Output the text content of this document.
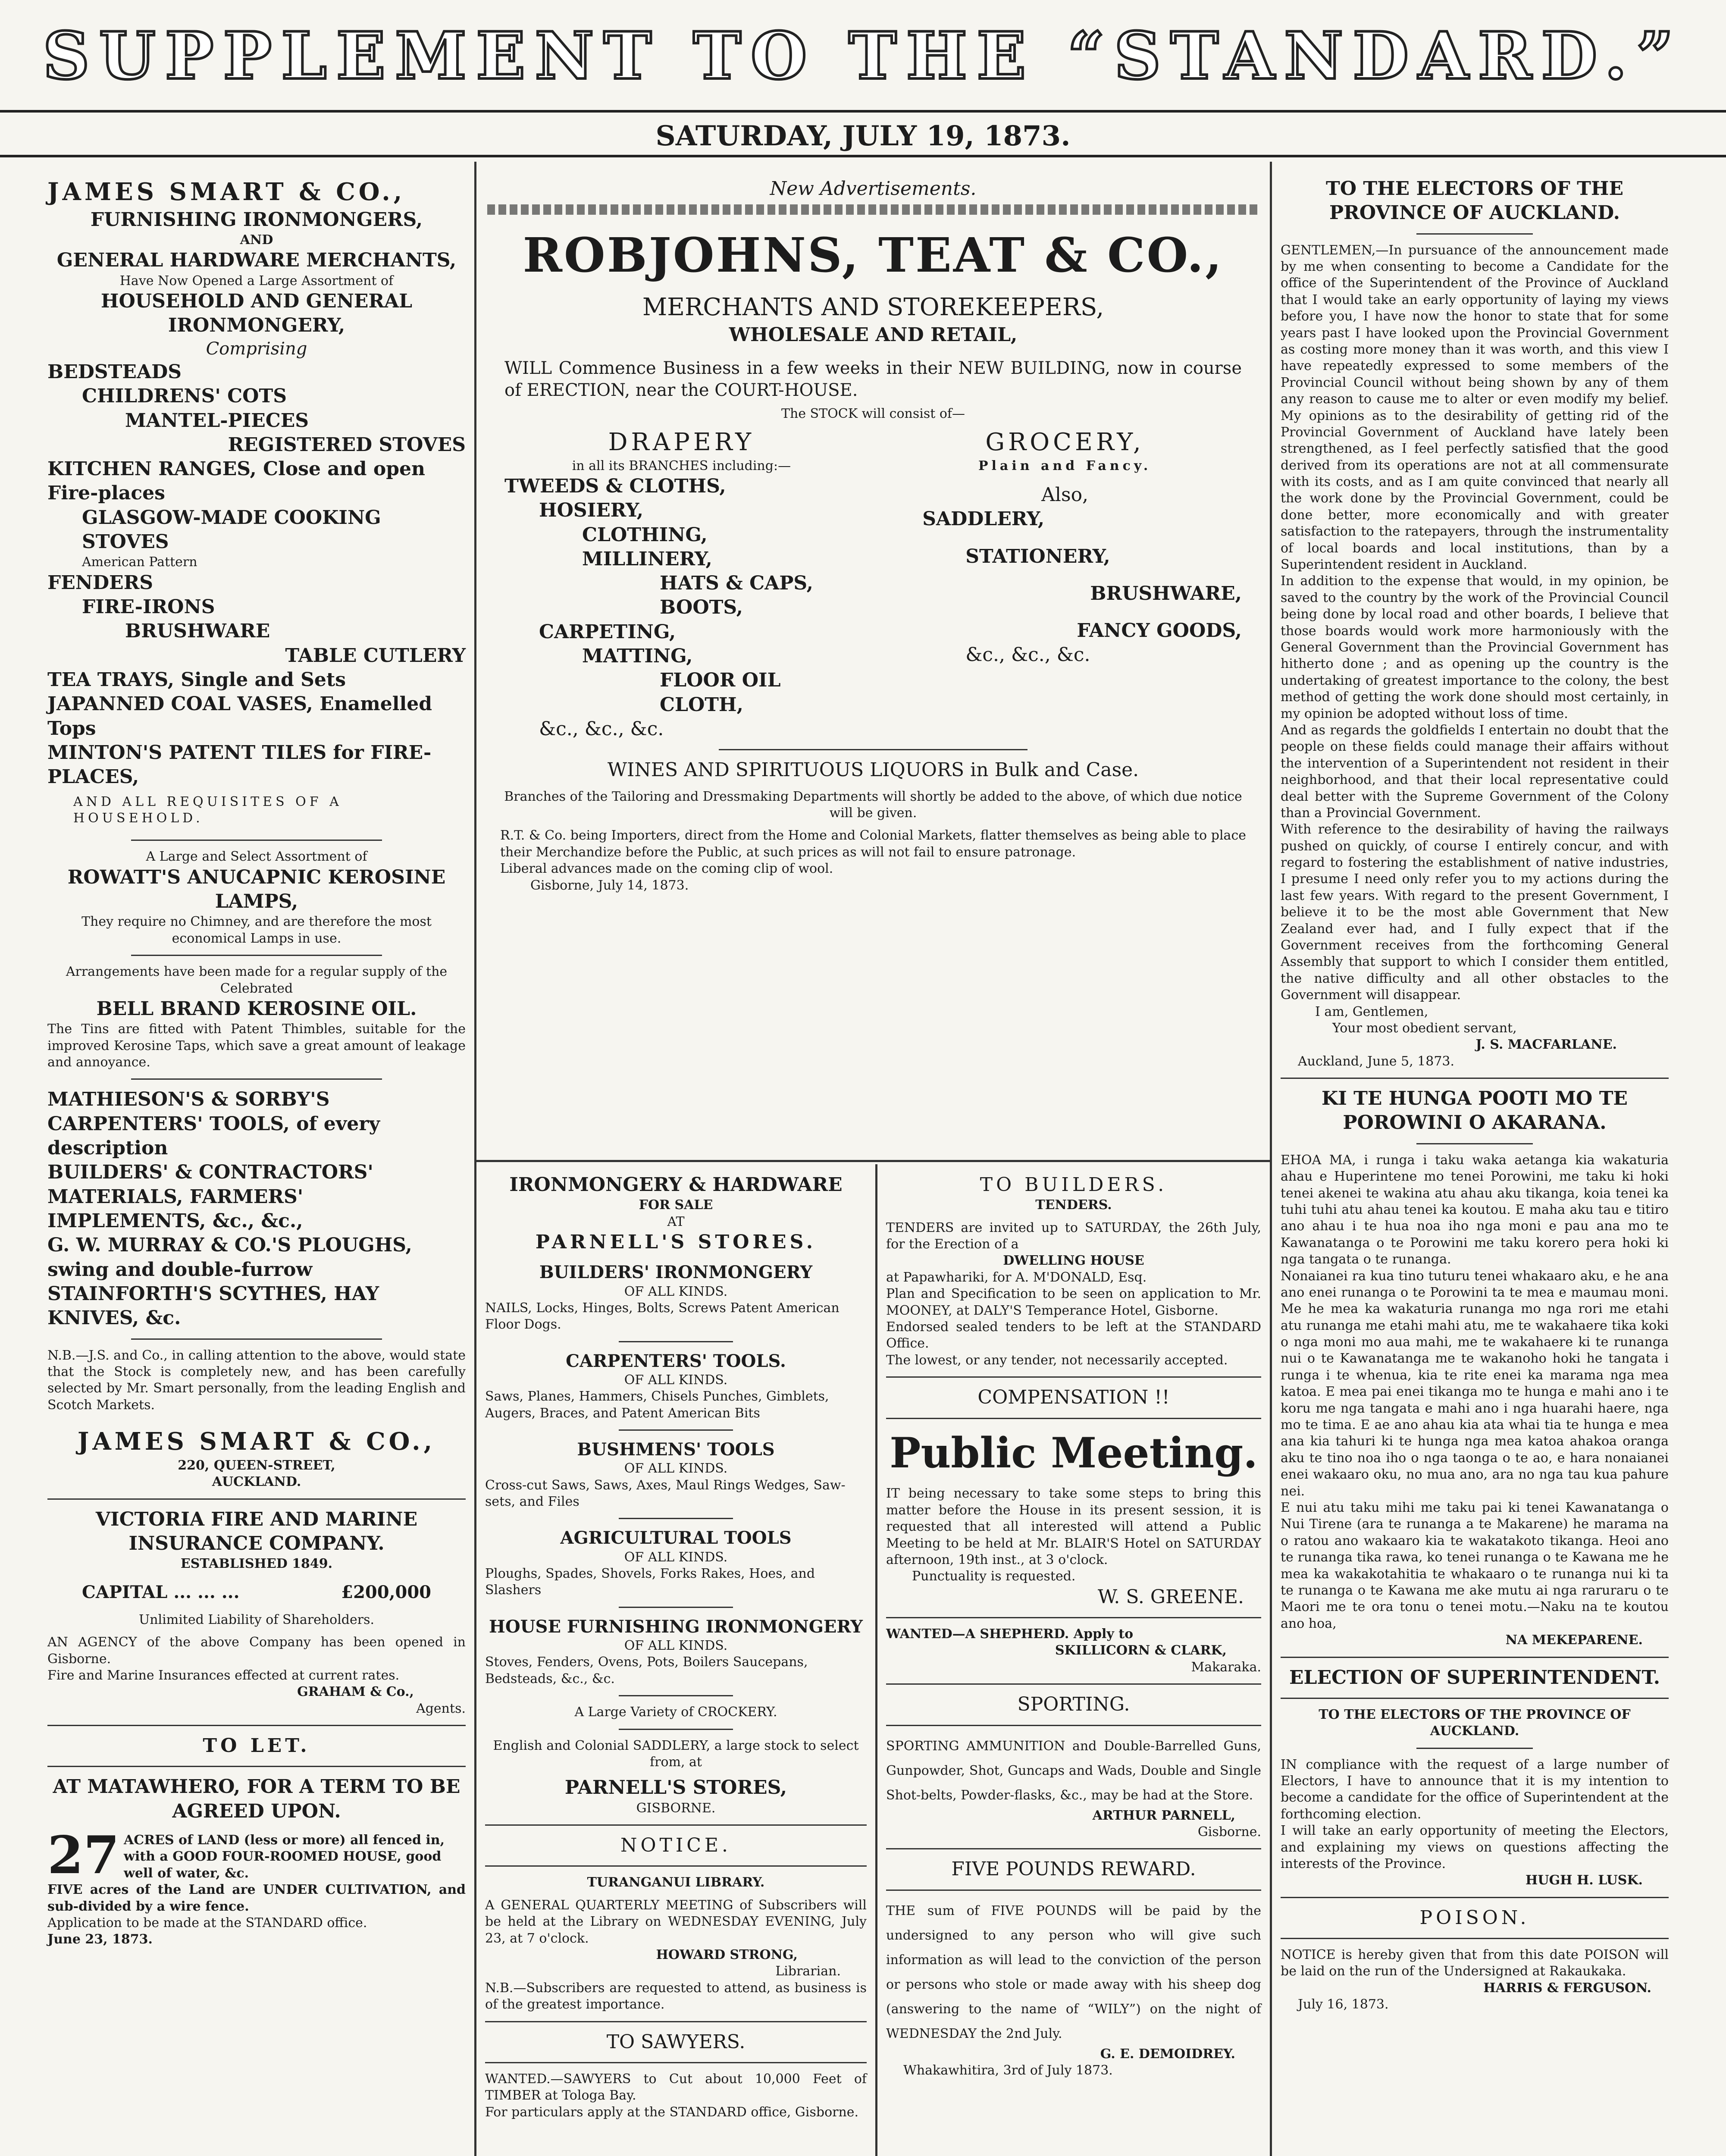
SUPPLEMENT TO THE “STANDARD.”
SATURDAY, JULY 19, 1873.
JAMES SMART & CO.,
FURNISHING IRONMONGERS,
AND
GENERAL HARDWARE MERCHANTS,
Have Now Opened a Large Assortment of
HOUSEHOLD AND GENERAL IRONMONGERY,
Comprising
BEDSTEADS
CHILDRENS' COTS
MANTEL-PIECES
REGISTERED STOVES
KITCHEN RANGES, Close and open Fire-places
GLASGOW-MADE COOKING STOVES
American Pattern
FENDERS
FIRE-IRONS
BRUSHWARE
TABLE CUTLERY
TEA TRAYS, Single and Sets
JAPANNED COAL VASES, Enamelled Tops
MINTON'S PATENT TILES for FIRE-PLACES,
AND ALL REQUISITES OF A HOUSEHOLD.
A Large and Select Assortment of
ROWATT'S ANUCAPNIC KEROSINE LAMPS,
They require no Chimney, and are therefore the most economical Lamps in use.
Arrangements have been made for a regular supply of the Celebrated
BELL BRAND KEROSINE OIL.
The Tins are fitted with Patent Thimbles, suitable for the improved Kerosine Taps, which save a great amount of leakage and annoyance.
MATHIESON'S & SORBY'S CARPENTERS' TOOLS, of every description
BUILDERS' & CONTRACTORS' MATERIALS, FARMERS' IMPLEMENTS, &c., &c.,
G. W. MURRAY & CO.'S PLOUGHS, swing and double-furrow
STAINFORTH'S SCYTHES, HAY KNIVES, &c.
N.B.—J.S. and Co., in calling attention to the above, would state that the Stock is completely new, and has been carefully selected by Mr. Smart personally, from the leading English and Scotch Markets.
JAMES SMART & CO.,
220, QUEEN-STREET,
AUCKLAND.
VICTORIA FIRE AND MARINE INSURANCE COMPANY.
ESTABLISHED 1849.
CAPITAL ... ... ...	£200,000
Unlimited Liability of Shareholders.
AN AGENCY of the above Company has been opened in Gisborne.
Fire and Marine Insurances effected at current rates.
GRAHAM & Co.,
Agents.
TO LET.
AT MATAWHERO, FOR A TERM TO BE AGREED UPON.
27 ACRES of LAND (less or more) all fenced in, with a GOOD FOUR-ROOMED HOUSE, good well of water, &c.
FIVE acres of the Land are UNDER CULTIVATION, and sub-divided by a wire fence.
Application to be made at the STANDARD office.
June 23, 1873.
New Advertisements.
ROBJOHNS, TEAT & CO.,
MERCHANTS AND STOREKEEPERS,
WHOLESALE AND RETAIL,
WILL Commence Business in a few weeks in their NEW BUILDING, now in course of ERECTION, near the COURT-HOUSE.
The STOCK will consist of—
DRAPERY
in all its BRANCHES including:—
TWEEDS & CLOTHS,
HOSIERY,
CLOTHING,
MILLINERY,
HATS & CAPS,
BOOTS,
CARPETING,
MATTING,
FLOOR OIL CLOTH,
&c., &c., &c.
GROCERY,
Plain and Fancy.
Also,
SADDLERY,
STATIONERY,
BRUSHWARE,
FANCY GOODS,
&c., &c., &c.
WINES AND SPIRITUOUS LIQUORS in Bulk and Case.
Branches of the Tailoring and Dressmaking Departments will shortly be added to the above, of which due notice will be given.
R.T. & Co. being Importers, direct from the Home and Colonial Markets, flatter themselves as being able to place their Merchandize before the Public, at such prices as will not fail to ensure patronage.
Liberal advances made on the coming clip of wool.
Gisborne, July 14, 1873.
IRONMONGERY & HARDWARE
FOR SALE
AT
PARNELL'S STORES.
BUILDERS' IRONMONGERY
OF ALL KINDS.
NAILS, Locks, Hinges, Bolts, Screws Patent American Floor Dogs.
CARPENTERS' TOOLS.
OF ALL KINDS.
Saws, Planes, Hammers, Chisels Punches, Gimblets, Augers, Braces, and Patent American Bits
BUSHMENS' TOOLS
OF ALL KINDS.
Cross-cut Saws, Saws, Axes, Maul Rings Wedges, Saw-sets, and Files
AGRICULTURAL TOOLS
OF ALL KINDS.
Ploughs, Spades, Shovels, Forks Rakes, Hoes, and Slashers
HOUSE FURNISHING IRONMONGERY
OF ALL KINDS.
Stoves, Fenders, Ovens, Pots, Boilers Saucepans, Bedsteads, &c., &c.
A Large Variety of CROCKERY.
English and Colonial SADDLERY, a large stock to select from, at
PARNELL'S STORES,
GISBORNE.
NOTICE.
TURANGANUI LIBRARY.
A GENERAL QUARTERLY MEETING of Subscribers will be held at the Library on WEDNESDAY EVENING, July 23, at 7 o'clock.
HOWARD STRONG,
Librarian.
N.B.—Subscribers are requested to attend, as business is of the greatest importance.
TO SAWYERS.
WANTED.—SAWYERS to Cut about 10,000 Feet of TIMBER at Tologa Bay.
For particulars apply at the STANDARD office, Gisborne.
TO BUILDERS.
TENDERS.
TENDERS are invited up to SATURDAY, the 26th July, for the Erection of a
DWELLING HOUSE
at Papawhariki, for A. M'DONALD, Esq.
Plan and Specification to be seen on application to Mr. MOONEY, at DALY'S Temperance Hotel, Gisborne.
Endorsed sealed tenders to be left at the STANDARD Office.
The lowest, or any tender, not necessarily accepted.
COMPENSATION !!
Public Meeting.
IT being necessary to take some steps to bring this matter before the House in its present session, it is requested that all interested will attend a Public Meeting to be held at Mr. BLAIR'S Hotel on SATURDAY afternoon, 19th inst., at 3 o'clock.
Punctuality is requested.
W. S. GREENE.
WANTED—A SHEPHERD. Apply to
SKILLICORN & CLARK,
Makaraka.
SPORTING.
SPORTING AMMUNITION and Double-Barrelled Guns, Gunpowder, Shot, Guncaps and Wads, Double and Single Shot-belts, Powder-flasks, &c., may be had at the Store.
ARTHUR PARNELL,
Gisborne.
FIVE POUNDS REWARD.
THE sum of FIVE POUNDS will be paid by the undersigned to any person who will give such information as will lead to the conviction of the person or persons who stole or made away with his sheep dog (answering to the name of “WILY”) on the night of WEDNESDAY the 2nd July.
G. E. DEMOIDREY.
Whakawhitira, 3rd of July 1873.
TO THE ELECTORS OF THE PROVINCE OF AUCKLAND.
GENTLEMEN,—In pursuance of the announcement made by me when consenting to become a Candidate for the office of the Superintendent of the Province of Auckland that I would take an early opportunity of laying my views before you, I have now the honor to state that for some years past I have looked upon the Provincial Government as costing more money than it was worth, and this view I have repeatedly expressed to some members of the Provincial Council without being shown by any of them any reason to cause me to alter or even modify my belief. My opinions as to the desirability of getting rid of the Provincial Government of Auckland have lately been strengthened, as I feel perfectly satisfied that the good derived from its operations are not at all commensurate with its costs, and as I am quite convinced that nearly all the work done by the Provincial Government, could be done better, more economically and with greater satisfaction to the ratepayers, through the instrumentality of local boards and local institutions, than by a Superintendent resident in Auckland.
In addition to the expense that would, in my opinion, be saved to the country by the work of the Provincial Council being done by local road and other boards, I believe that those boards would work more harmoniously with the General Government than the Provincial Government has hitherto done ; and as opening up the country is the undertaking of greatest importance to the colony, the best method of getting the work done should most certainly, in my opinion be adopted without loss of time.
And as regards the goldfields I entertain no doubt that the people on these fields could manage their affairs without the intervention of a Superintendent not resident in their neighborhood, and that their local representative could deal better with the Supreme Government of the Colony than a Provincial Government.
With reference to the desirability of having the railways pushed on quickly, of course I entirely concur, and with regard to fostering the establishment of native industries, I presume I need only refer you to my actions during the last few years. With regard to the present Government, I believe it to be the most able Government that New Zealand ever had, and I fully expect that if the Government receives from the forthcoming General Assembly that support to which I consider them entitled, the native difficulty and all other obstacles to the Government will disappear.
I am, Gentlemen,
Your most obedient servant,
J. S. MACFARLANE.
Auckland, June 5, 1873.
KI TE HUNGA POOTI MO TE POROWINI O AKARANA.
EHOA MA, i runga i taku waka aetanga kia wakaturia ahau e Huperintene mo tenei Porowini, me taku ki hoki tenei akenei te wakina atu ahau aku tikanga, koia tenei ka tuhi tuhi atu ahau tenei ka koutou. E maha aku tau e titiro ano ahau i te hua noa iho nga moni e pau ana mo te Kawanatanga o te Porowini me taku korero pera hoki ki nga tangata o te runanga.
Nonaianei ra kua tino tuturu tenei whakaaro aku, e he ana ano enei runanga o te Porowini ta te mea e maumau moni. Me he mea ka wakaturia runanga mo nga rori me etahi atu runanga me etahi mahi atu, me te wakahaere tika koki o nga moni mo aua mahi, me te wakahaere ki te runanga nui o te Kawanatanga me te wakanoho hoki he tangata i runga i te whenua, kia te rite enei ka marama nga mea katoa. E mea pai enei tikanga mo te hunga e mahi ano i te koru me nga tangata e mahi ano i nga huarahi haere, nga mo te tima. E ae ano ahau kia ata whai tia te hunga e mea ana kia tahuri ki te hunga nga mea katoa ahakoa oranga aku te tino noa iho o nga taonga o te ao, e hara nonaianei enei wakaaro oku, no mua ano, ara no nga tau kua pahure nei.
E nui atu taku mihi me taku pai ki tenei Kawanatanga o Nui Tirene (ara te runanga a te Makarene) he marama na o ratou ano wakaaro kia te wakatakoto tikanga. Heoi ano te runanga tika rawa, ko tenei runanga o te Kawana me he mea ka wakakotahitia te whakaaro o te runanga nui ki ta te runanga o te Kawana me ake mutu ai nga raruraru o te Maori me te ora tonu o tenei motu.—Naku na te koutou ano hoa,
NA MEKEPARENE.
ELECTION OF SUPERINTENDENT.
TO THE ELECTORS OF THE PROVINCE OF AUCKLAND.
IN compliance with the request of a large number of Electors, I have to announce that it is my intention to become a candidate for the office of Superintendent at the forthcoming election.
I will take an early opportunity of meeting the Electors, and explaining my views on questions affecting the interests of the Province.
HUGH H. LUSK.
POISON.
NOTICE is hereby given that from this date POISON will be laid on the run of the Undersigned at Rakaukaka.
HARRIS & FERGUSON.
July 16, 1873.
